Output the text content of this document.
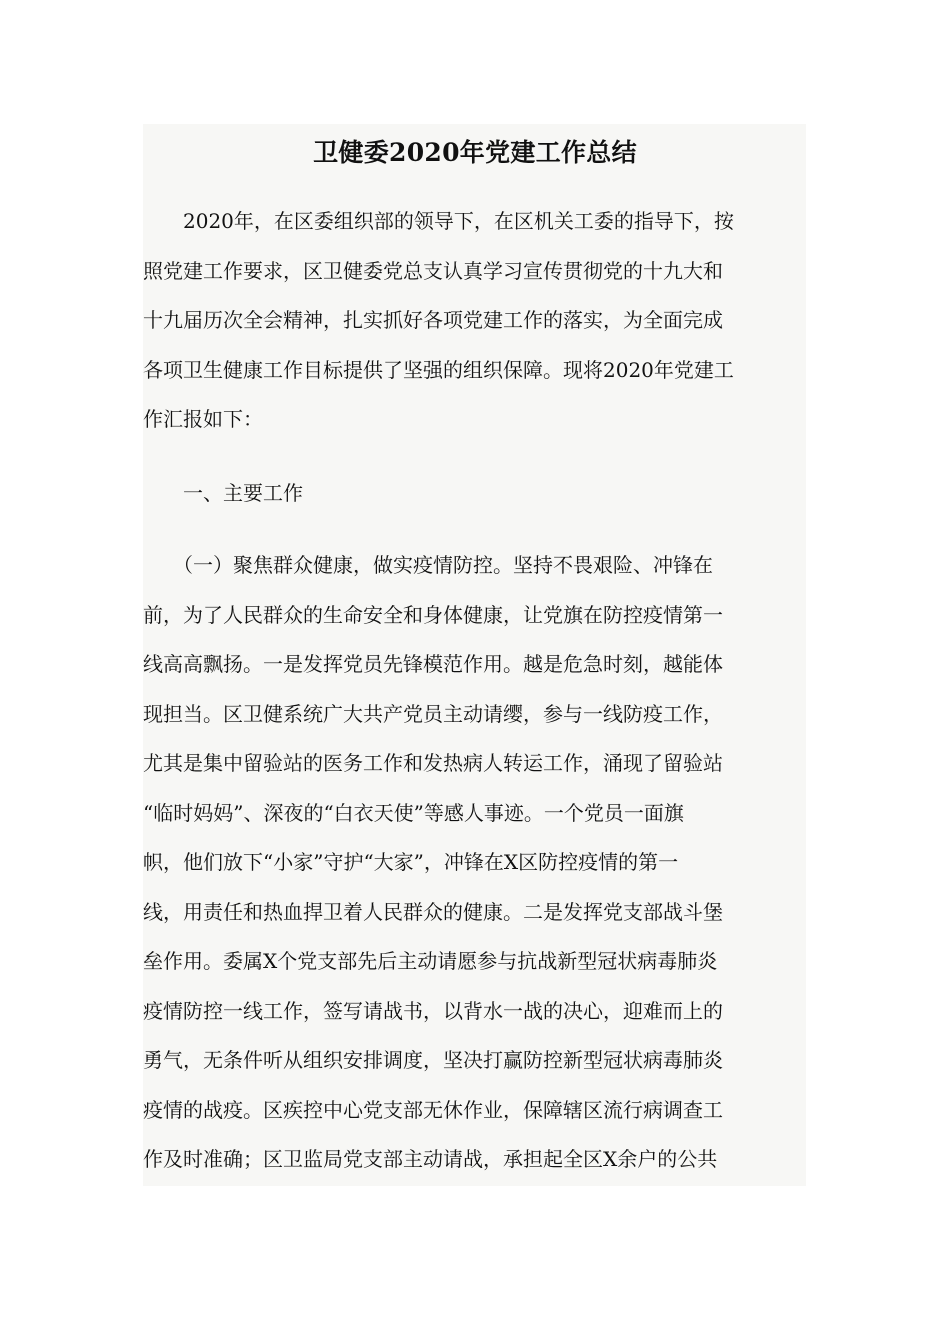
卫健委2020年党建工作总结
　　2020年，在区委组织部的领导下，在区机关工委的指导下，按
照党建工作要求，区卫健委党总支认真学习宣传贯彻党的十九大和
十九届历次全会精神，扎实抓好各项党建工作的落实，为全面完成
各项卫生健康工作目标提供了坚强的组织保障。现将2020年党建工
作汇报如下：
　　一、主要工作
　　（一）聚焦群众健康，做实疫情防控。坚持不畏艰险、冲锋在
前，为了人民群众的生命安全和身体健康，让党旗在防控疫情第一
线高高飘扬。一是发挥党员先锋模范作用。越是危急时刻，越能体
现担当。区卫健系统广大共产党员主动请缨，参与一线防疫工作，
尤其是集中留验站的医务工作和发热病人转运工作，涌现了留验站
“临时妈妈”、深夜的“白衣天使”等感人事迹。一个党员一面旗
帜，他们放下“小家”守护“大家”，冲锋在X区防控疫情的第一
线，用责任和热血捍卫着人民群众的健康。二是发挥党支部战斗堡
垒作用。委属X个党支部先后主动请愿参与抗战新型冠状病毒肺炎
疫情防控一线工作，签写请战书，以背水一战的决心，迎难而上的
勇气，无条件听从组织安排调度，坚决打赢防控新型冠状病毒肺炎
疫情的战疫。区疾控中心党支部无休作业，保障辖区流行病调查工
作及时准确；区卫监局党支部主动请战，承担起全区X余户的公共
